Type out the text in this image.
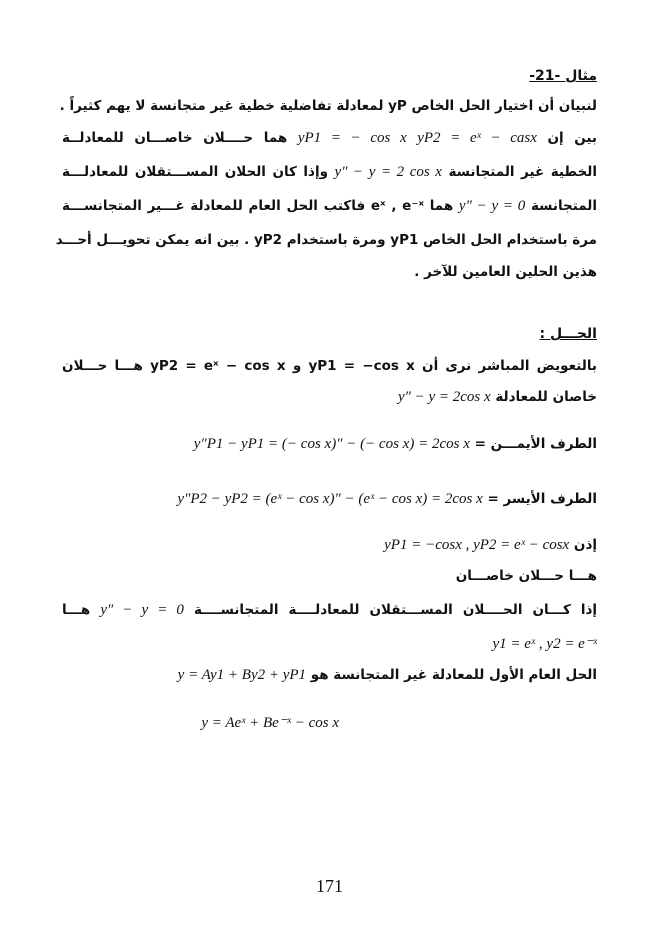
مثال -21-
لنبيان أن اختيار الحل الخاص yP لمعادلة تفاضلية خطية غير متجانسة لا يهم كثيراً .
بين إن yP1 = − cos x yP2 = eˣ − casx هما حــــلان خاصـــان للمعادلــة
الخطية غير المتجانسة y″ − y = 2 cos x وإذا كان الحلان المســـتقلان للمعادلـــة
المتجانسة y″ − y = 0 هما eˣ , e⁻ˣ فاكتب الحل العام للمعادلة غـــير المتجانســـة
مرة باستخدام الحل الخاص yP1 ومرة باستخدام yP2 . بين انه يمكن تحويـــل أحـــد
هذين الحلين العامين للآخر .
الحـــل :
بالتعويض المباشر نرى أن yP1 = −cos x و yP2 = eˣ − cos x هـــا حـــلان
خاصان للمعادلة y″ − y = 2cos x
الطرف الأيمـــن = y″P1 − yP1 = (− cos x)″ − (− cos x) = 2cos x
الطرف الأيسر = y″P2 − yP2 = (eˣ − cos x)″ − (eˣ − cos x) = 2cos x
إذن yP1 = −cosx , yP2 = eˣ − cosx
هـــا حـــلان خاصـــان
إذا كـــان الحــــلان المســـتقلان للمعادلــــة المتجانســــة y″ − y = 0 هـــا
y1 = eˣ , y2 = e⁻ˣ
الحل العام الأول للمعادلة غير المتجانسة هو y = Ay1 + By2 + yP1
y = Aeˣ + Be⁻ˣ − cos x
171
